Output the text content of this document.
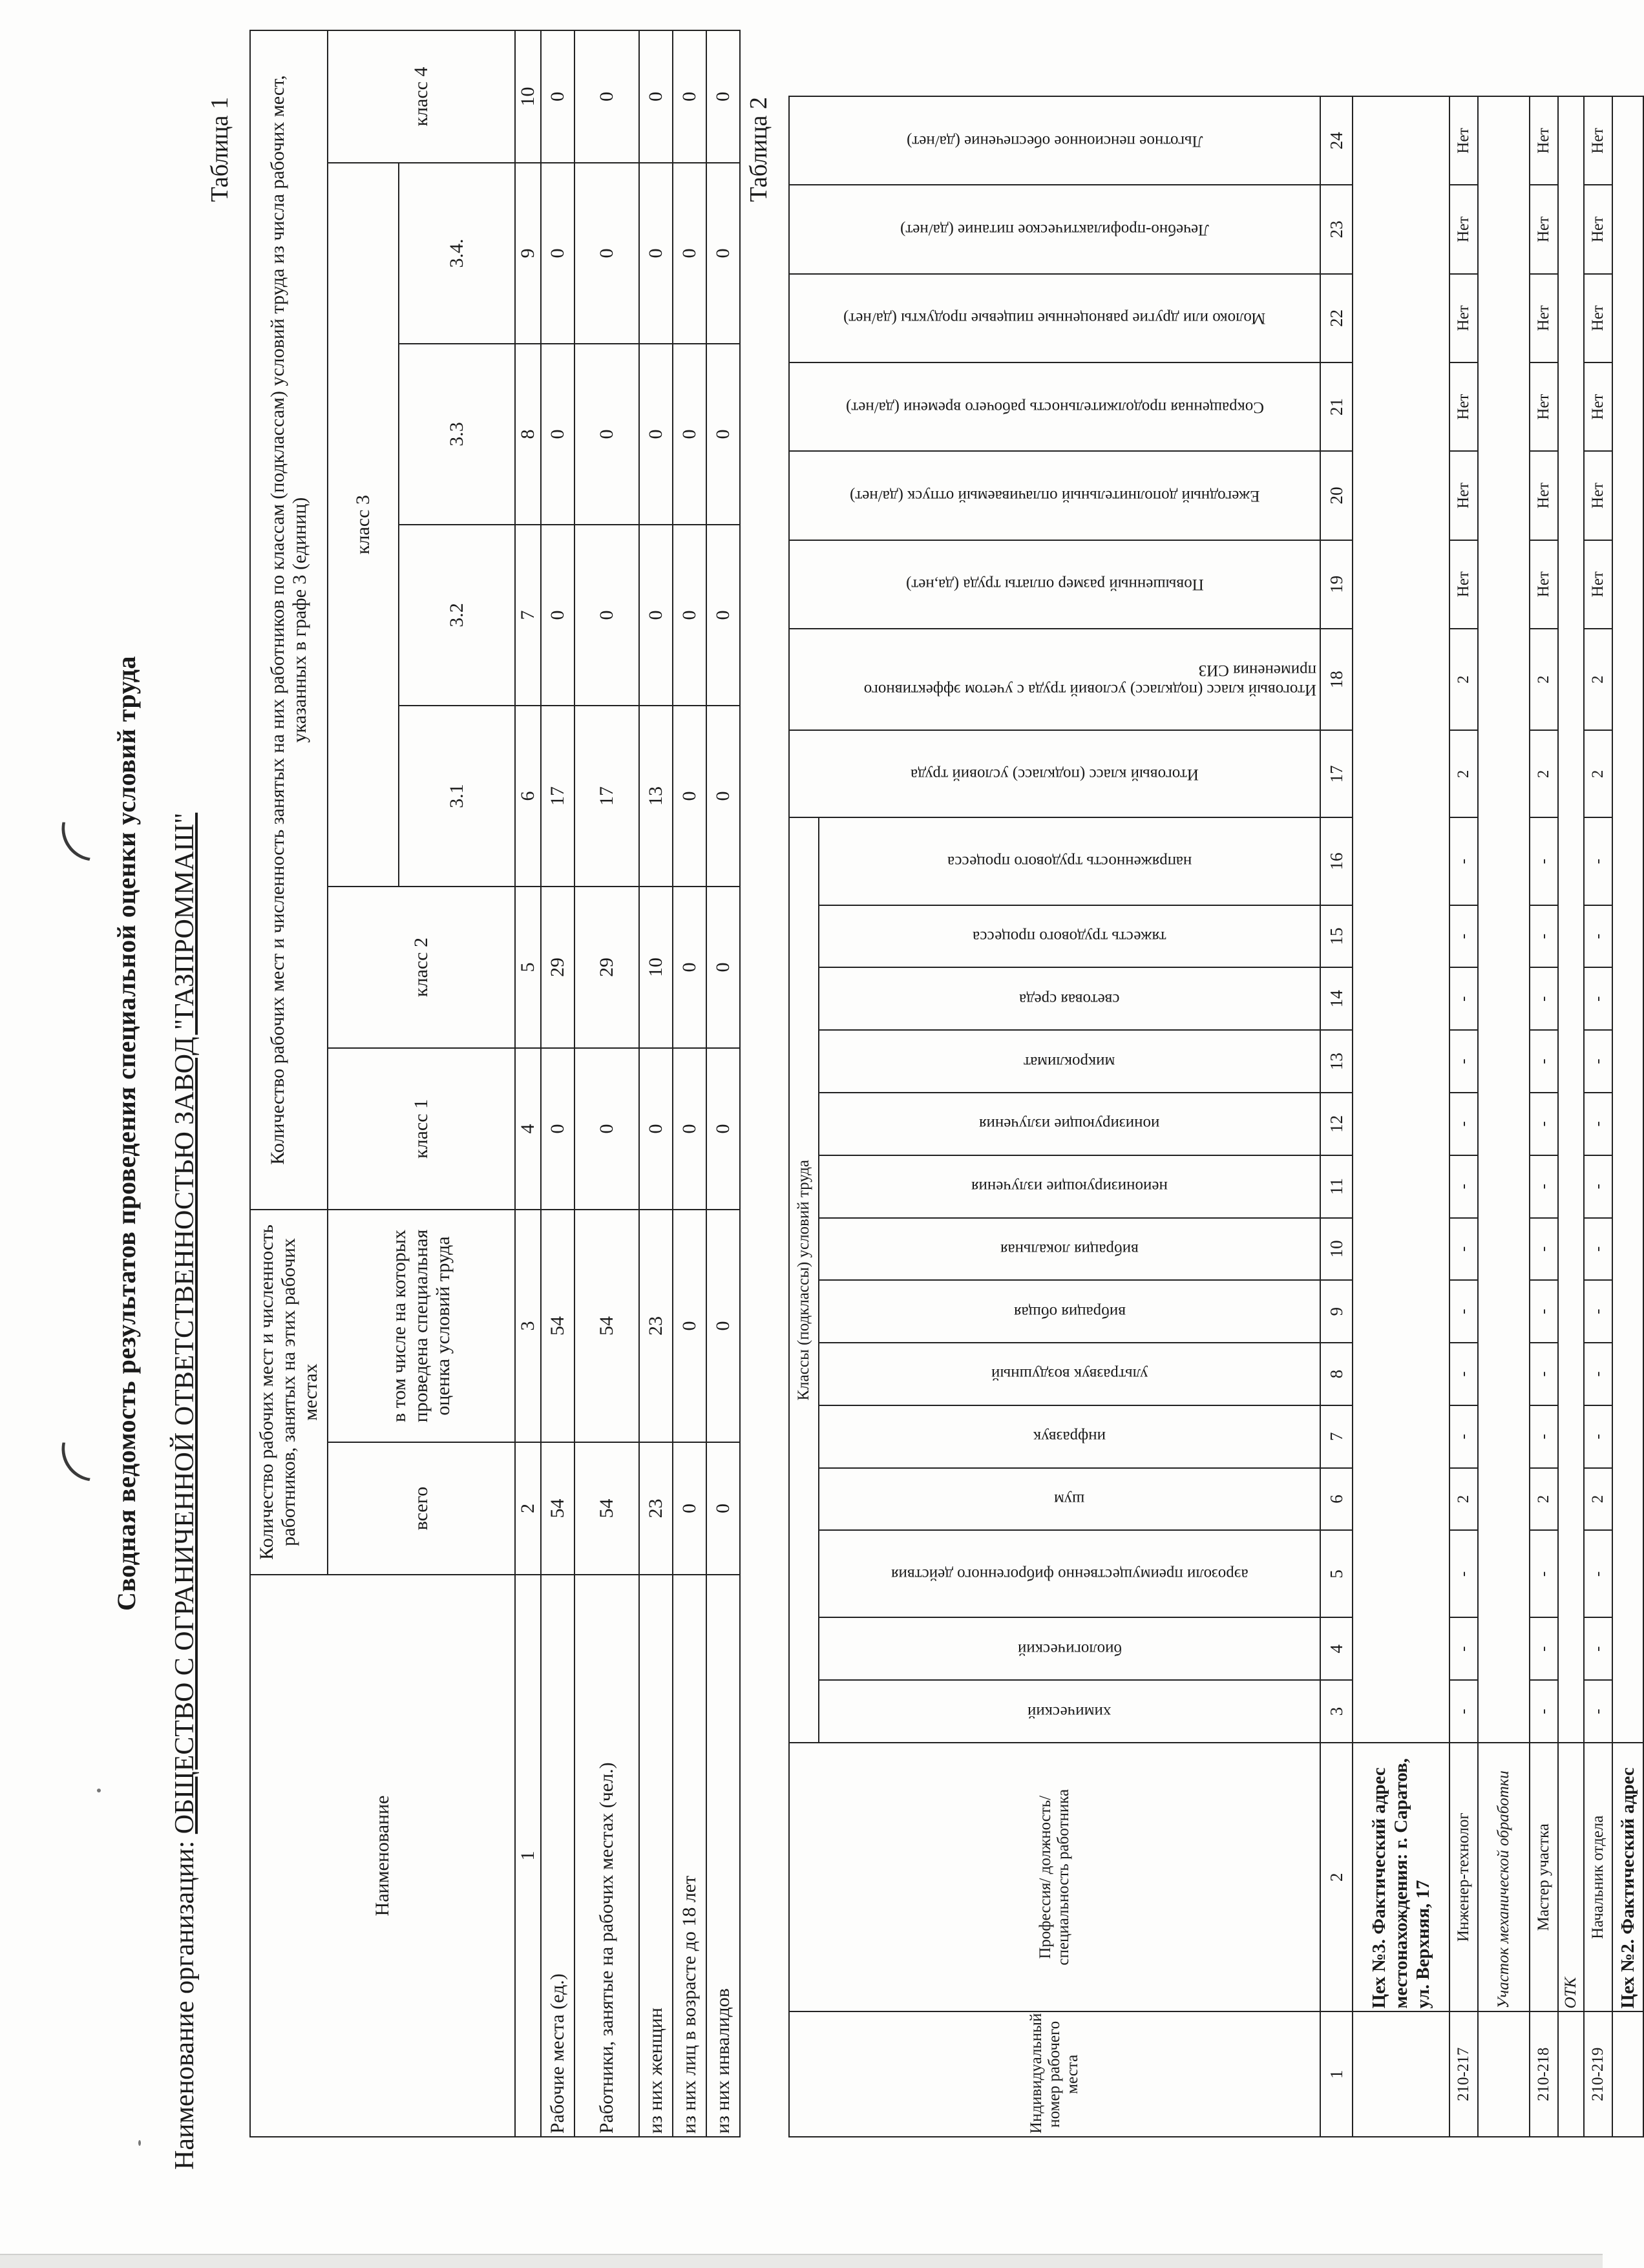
Сводная ведомость результатов проведения специальной оценки условий труда
Наименование организации: ОБЩЕСТВО С ОГРАНИЧЕННОЙ ОТВЕТСТВЕННОСТЬЮ ЗАВОД "ГАЗПРОММАШ"
Таблица 1
Наименование	Количество рабочих мест и численность работников, занятых на этих рабочих местах		Количество рабочих мест и численность занятых на них работников по классам (подклассам) условий труда из числа рабочих мест, указанных в графе 3 (единиц)						
	всего	в том числе на которых проведена специальная оценка условий труда	класс 1	класс 2	класс 3				класс 4
					3.1	3.2	3.3	3.4.	
1	2	3	4	5	6	7	8	9	10
Рабочие места (ед.)	54	54	0	29	17	0	0	0	0
Работники, занятые на рабочих местах (чел.)	54	54	0	29	17	0	0	0	0
из них женщин	23	23	0	10	13	0	0	0	0
из них лиц в возрасте до 18 лет	0	0	0	0	0	0	0	0	0
из них инвалидов	0	0	0	0	0	0	0	0	0
Таблица 2
Индивидуальный номер рабочего места	Профессия/ должность/ специальность работника	Классы (подклассы) условий труда														Итоговый класс (подкласс) условий труда	Итоговый класс (подкласс) условий труда с учетом эффективного применения СИЗ	Повышенный размер оплаты труда (да,нет)	Ежегодный дополнительный оплачиваемый отпуск (да/нет)	Сокращенная продолжительность рабочего времени (да/нет)	Молоко или другие равноценные пищевые продукты (да/нет)	Лечебно-профилактическое питание (да/нет)	Льготное пенсионное обеспечение (да/нет)

		химический	биологический	аэрозоли преимущественно фиброгенного действия	шум	инфразвук	ультразвук воздушный	вибрация общая	вибрация локальная	неионизирующие излучения	ионизирующие излучения	микроклимат	световая среда	тяжесть трудового процесса	напряженность трудового процесса								

1	2	3	4	5	6	7	8	9	10	11	12	13	14	15	16	17	18	19	20	21	22	23	24
	Цех №3. Фактический адрес местонахождения: г. Саратов, ул. Верхняя, 17																						
210-217	Инженер-технолог	-	-	-	2	-	-	-	-	-	-	-	-	-	-	2	2	Нет	Нет	Нет	Нет	Нет	Нет
	Участок механической обработки																						
210-218	Мастер участка	-	-	-	2	-	-	-	-	-	-	-	-	-	-	2	2	Нет	Нет	Нет	Нет	Нет	Нет
	ОТК																						
210-219	Начальник отдела	-	-	-	2	-	-	-	-	-	-	-	-	-	-	2	2	Нет	Нет	Нет	Нет	Нет	Нет
	Цех №2. Фактический адрес																						
